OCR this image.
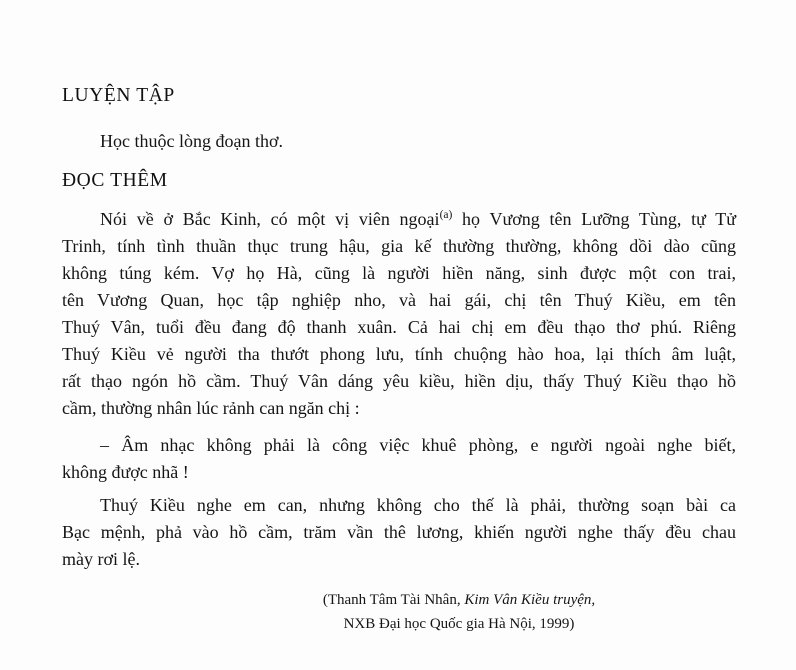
LUYỆN TẬP
Học thuộc lòng đoạn thơ.
ĐỌC THÊM
Nói về ở Bắc Kinh, có một vị viên ngoại$^{(a)}$ họ Vương tên Lưỡng Tùng, tự Tử
Trinh, tính tình thuần thục trung hậu, gia kế thường thường, không dồi dào cũng
không túng kém. Vợ họ Hà, cũng là người hiền năng, sinh được một con trai,
tên Vương Quan, học tập nghiệp nho, và hai gái, chị tên Thuý Kiều, em tên
Thuý Vân, tuổi đều đang độ thanh xuân. Cả hai chị em đều thạo thơ phú. Riêng
Thuý Kiều vẻ người tha thướt phong lưu, tính chuộng hào hoa, lại thích âm luật,
rất thạo ngón hồ cầm. Thuý Vân dáng yêu kiều, hiền dịu, thấy Thuý Kiều thạo hồ
cầm, thường nhân lúc rảnh can ngăn chị :
– Âm nhạc không phải là công việc khuê phòng, e người ngoài nghe biết,
không được nhã !
Thuý Kiều nghe em can, nhưng không cho thế là phải, thường soạn bài ca
Bạc mệnh, phả vào hồ cầm, trăm vần thê lương, khiến người nghe thấy đều chau
mày rơi lệ.
(Thanh Tâm Tài Nhân, Kim Vân Kiều truyện,
NXB Đại học Quốc gia Hà Nội, 1999)
